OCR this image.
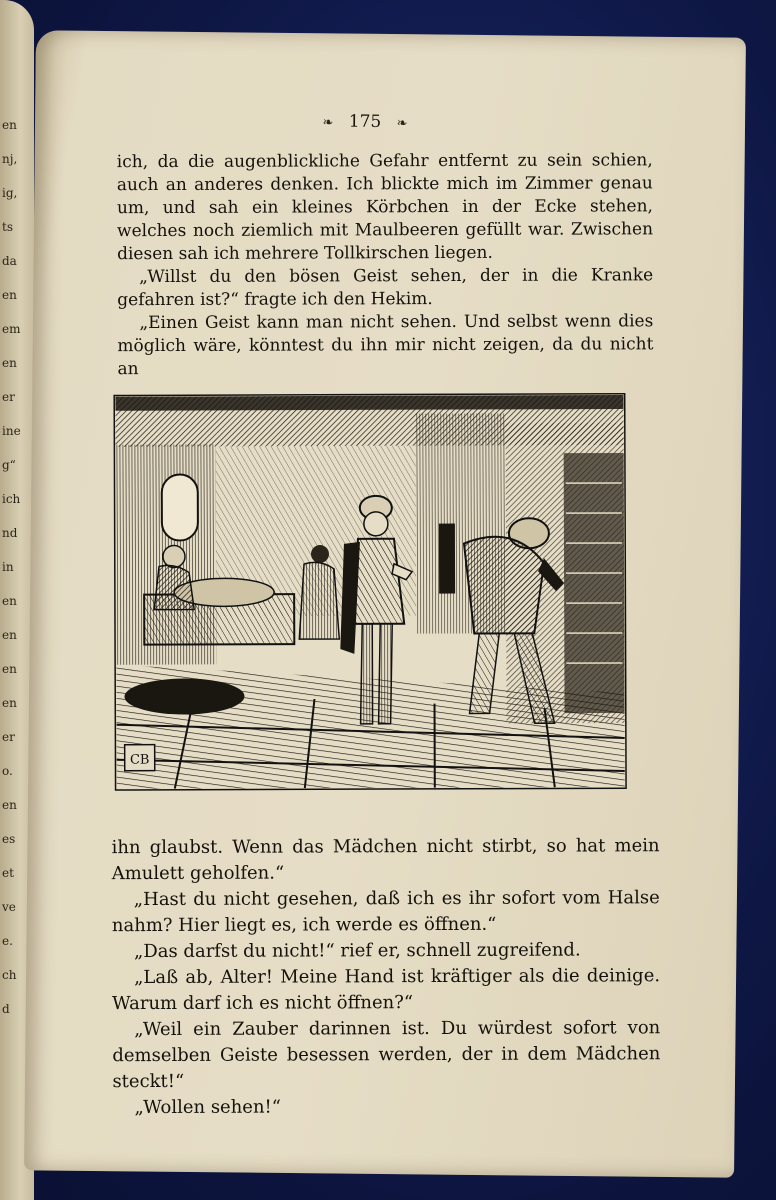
en
nj,
ig,
ts
da
en
em
en
er
ine
g“
ich
nd
in
en
en
en
en
er
o.
en
es
et
ve
e.
ch
d
❧ 175 ❧

ich, da die augenblickliche Gefahr entfernt zu sein schien, auch an anderes denken. Ich blickte mich im Zimmer genau um, und sah ein kleines Körbchen in der Ecke stehen, welches noch ziemlich mit Maulbeeren gefüllt war. Zwischen diesen sah ich mehrere Tollkirschen liegen.

„Willst du den bösen Geist sehen, der in die Kranke gefahren ist?“ fragte ich den Hekim.

„Einen Geist kann man nicht sehen. Und selbst wenn dies möglich wäre, könntest du ihn mir nicht zeigen, da du nicht an

CB

ihn glaubst. Wenn das Mädchen nicht stirbt, so hat mein Amulett geholfen.“

„Hast du nicht gesehen, daß ich es ihr sofort vom Halse nahm? Hier liegt es, ich werde es öffnen.“

„Das darfst du nicht!“ rief er, schnell zugreifend.

„Laß ab, Alter! Meine Hand ist kräftiger als die deinige. Warum darf ich es nicht öffnen?“

„Weil ein Zauber darinnen ist. Du würdest sofort von demselben Geiste besessen werden, der in dem Mädchen steckt!“

„Wollen sehen!“
